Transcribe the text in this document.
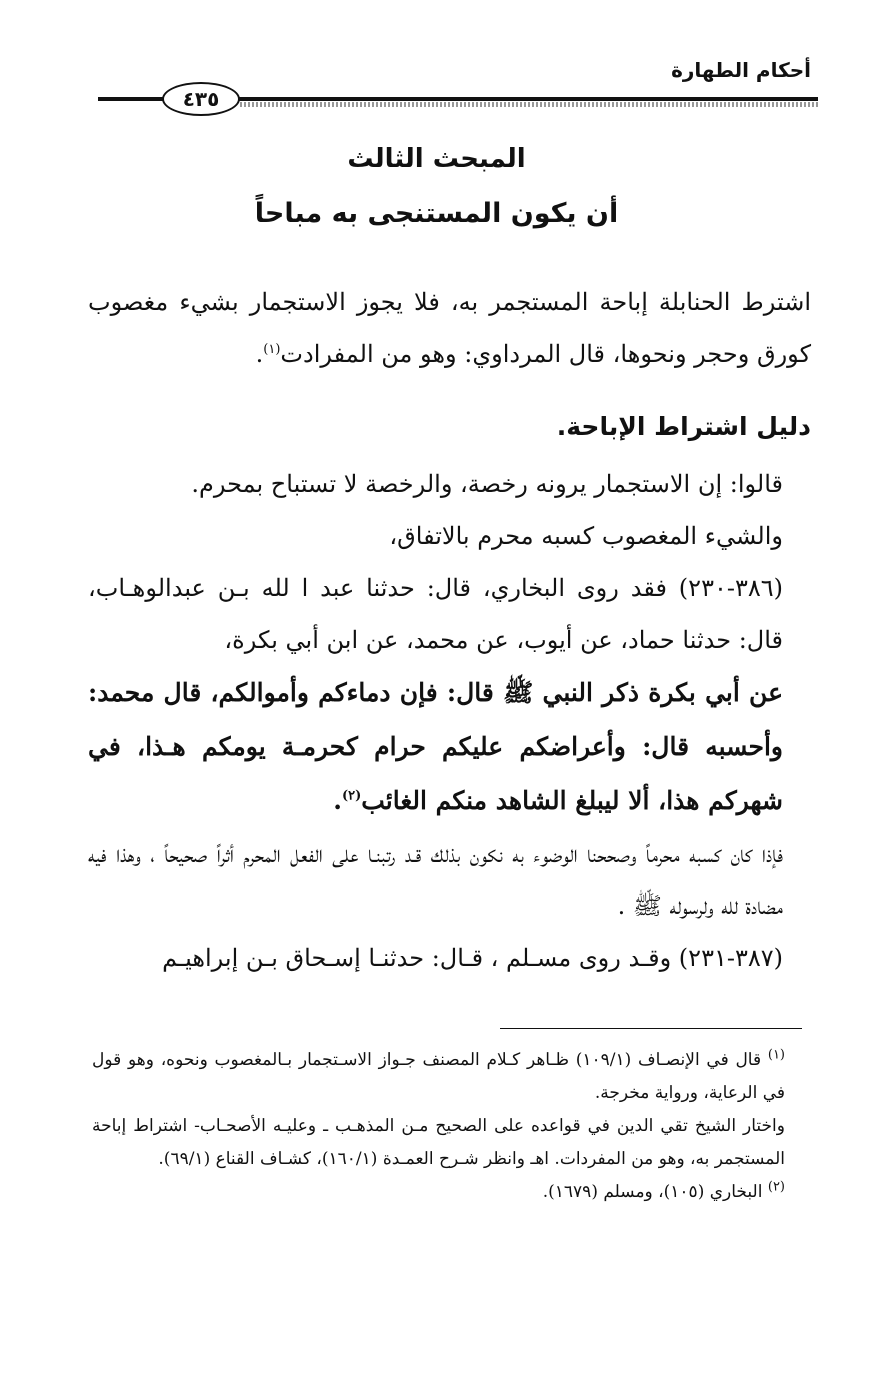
أحكام الطهارة
٤٣٥
المبحث الثالث
أن يكون المستنجى به مباحاً
اشترط الحنابلة إباحة المستجمر به، فلا يجوز الاستجمار بشيء مغصوب كورق وحجر ونحوها، قال المرداوي: وهو من المفرادت$^{(١)}$.
دليل اشتراط الإباحة.

قالوا: إن الاستجمار يرونه رخصة، والرخصة لا تستباح بمحرم.

والشيء المغصوب كسبه محرم بالاتفاق،

(٣٨٦-٢٣٠) فقد روى البخاري، قال: حدثنا عبد ا لله بـن عبدالوهـاب، قال: حدثنا حماد، عن أيوب، عن محمد، عن ابن أبي بكرة،

عن أبي بكرة ذكر النبي ﷺ قال: فإن دماءكم وأموالكم، قال محمد: وأحسبه قال: وأعراضكم عليكم حرام كحرمـة يومكم هـذا، في شهركم هذا، ألا ليبلغ الشاهد منكم الغائب$^{(٢)}$.

فإذا كان كسبه محرماً وصححنا الوضوء به نكون بذلك قـد رتبنـا على الفعل المحرم أثراً صحيحاً ، وهذا فيه مضادة لله ولرسوله ﷺ .

(٣٨٧-٢٣١) وقـد روى مسـلم ، قـال: حدثنـا إسـحاق بـن إبراهيـم

$^{(١)}$ قال في الإنصـاف (١٠٩/١) ظـاهر كـلام المصنف جـواز الاسـتجمار بـالمغصوب ونحوه، وهو قول في الرعاية، ورواية مخرجة.

واختار الشيخ تقي الدين في قواعده على الصحيح مـن المذهـب ـ وعليـه الأصحـاب- اشتراط إباحة المستجمر به، وهو من المفردات. اهـ وانظر شـرح العمـدة (١٦٠/١)، كشـاف القناع (٦٩/١).

$^{(٢)}$ البخاري (١٠٥)، ومسلم (١٦٧٩).
